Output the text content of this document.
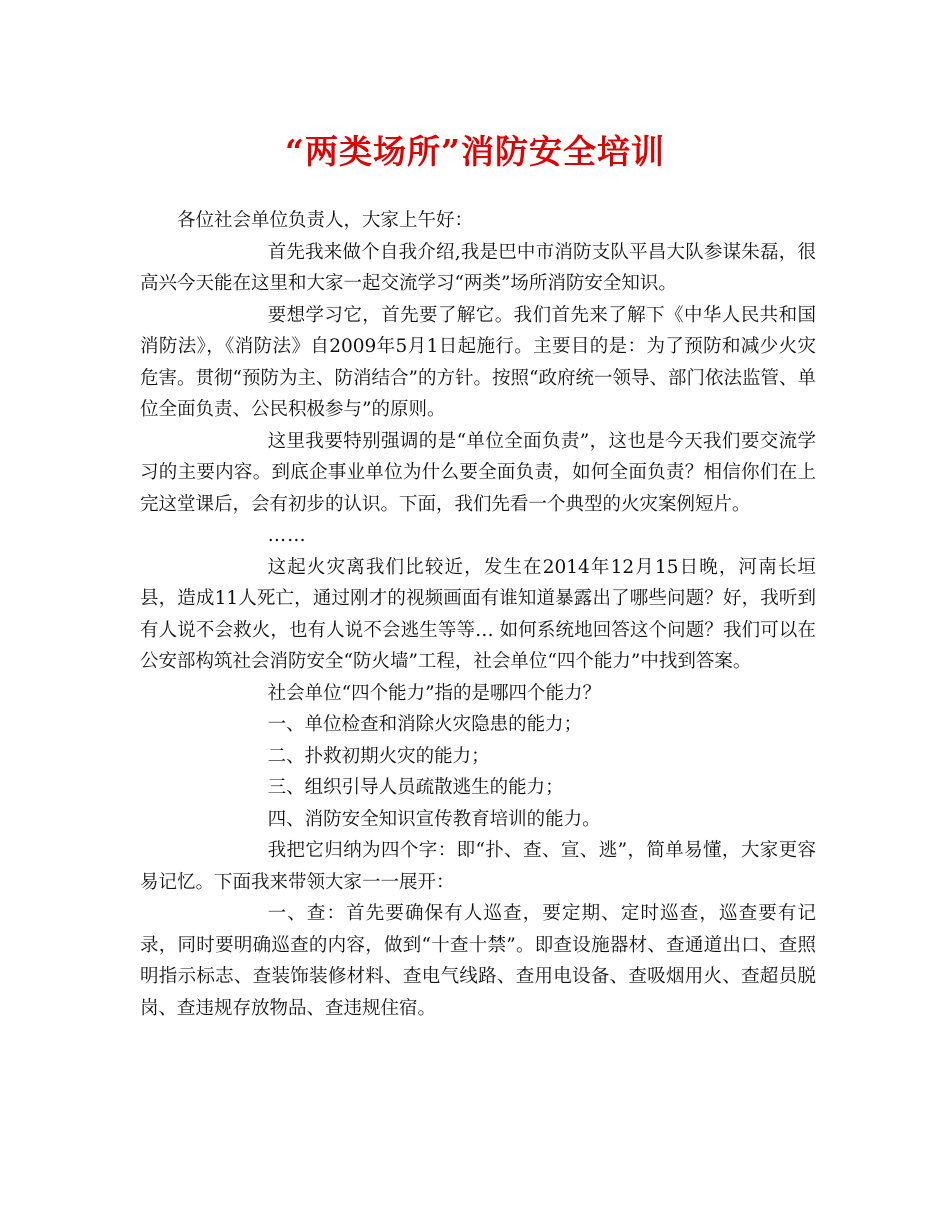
“两类场所”消防安全培训

各位社会单位负责人，大家上午好：

首先我来做个自我介绍,我是巴中市消防支队平昌大队参谋朱磊，很高兴今天能在这里和大家一起交流学习“两类”场所消防安全知识。

要想学习它，首先要了解它。我们首先来了解下《中华人民共和国消防法》，《消防法》自2009年5月1日起施行。主要目的是：为了预防和减少火灾危害。贯彻“预防为主、防消结合”的方针。按照“政府统一领导、部门依法监管、单位全面负责、公民积极参与”的原则。

这里我要特别强调的是“单位全面负责”，这也是今天我们要交流学习的主要内容。到底企事业单位为什么要全面负责，如何全面负责？相信你们在上完这堂课后，会有初步的认识。下面，我们先看一个典型的火灾案例短片。

……

这起火灾离我们比较近，发生在2014年12月15日晚，河南长垣县，造成11人死亡，通过刚才的视频画面有谁知道暴露出了哪些问题？好，我听到有人说不会救火，也有人说不会逃生等等… 如何系统地回答这个问题？我们可以在公安部构筑社会消防安全“防火墙”工程，社会单位“四个能力”中找到答案。

社会单位“四个能力”指的是哪四个能力？

一、单位检查和消除火灾隐患的能力；

二、扑救初期火灾的能力；

三、组织引导人员疏散逃生的能力；

四、消防安全知识宣传教育培训的能力。

我把它归纳为四个字：即“扑、查、宣、逃”，简单易懂，大家更容易记忆。下面我来带领大家一一展开：

一、查：首先要确保有人巡查，要定期、定时巡查，巡查要有记录，同时要明确巡查的内容，做到“十查十禁”。即查设施器材、查通道出口、查照明指示标志、查装饰装修材料、查电气线路、查用电设备、查吸烟用火、查超员脱岗、查违规存放物品、查违规住宿。
